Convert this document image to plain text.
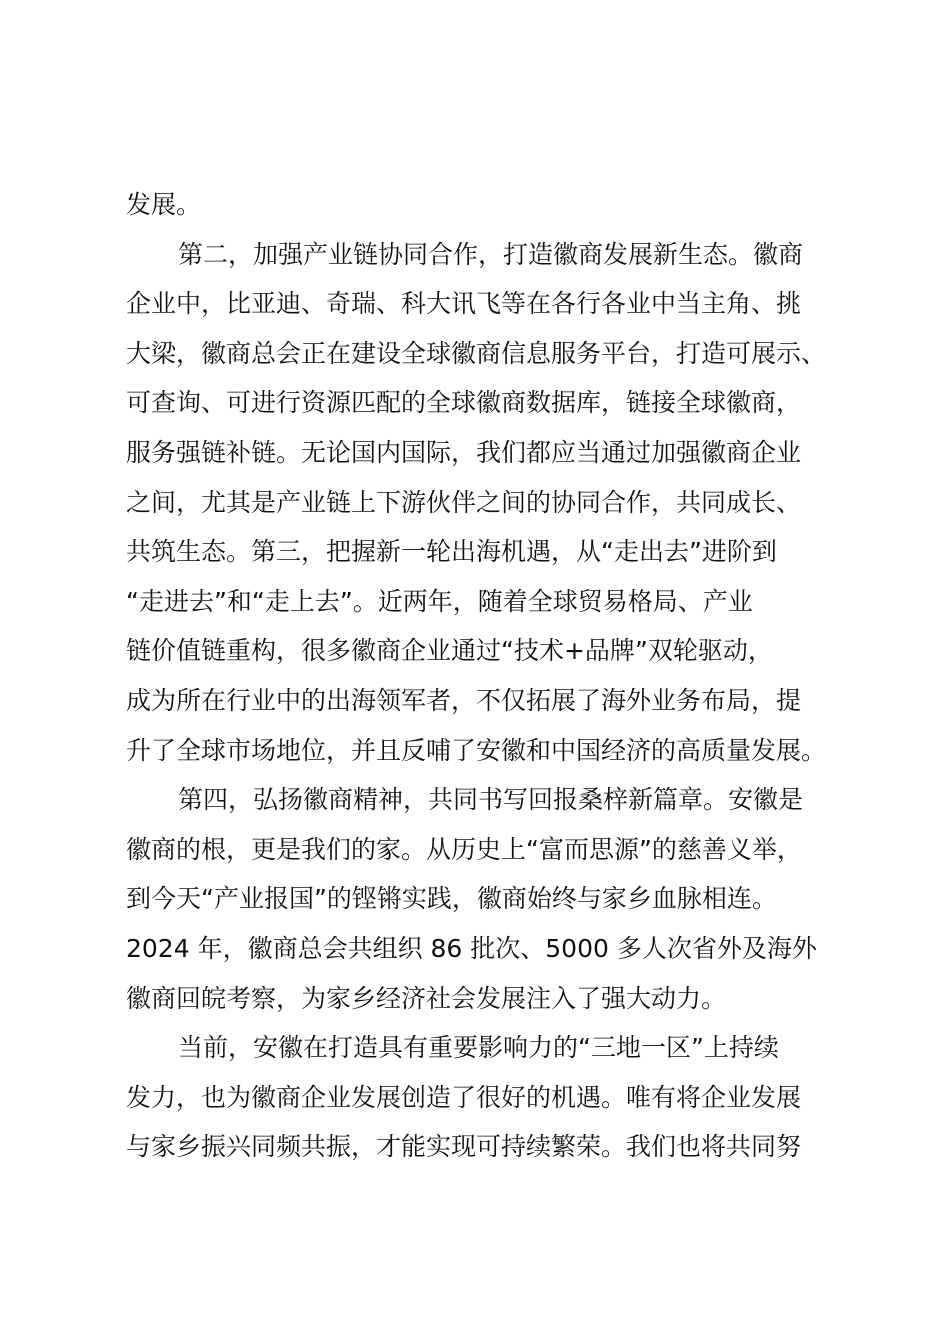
发展。
第二，加强产业链协同合作，打造徽商发展新生态。徽商
企业中，比亚迪、奇瑞、科大讯飞等在各行各业中当主角、挑
大梁，徽商总会正在建设全球徽商信息服务平台，打造可展示、
可查询、可进行资源匹配的全球徽商数据库，链接全球徽商，
服务强链补链。无论国内国际，我们都应当通过加强徽商企业
之间，尤其是产业链上下游伙伴之间的协同合作，共同成长、
共筑生态。第三，把握新一轮出海机遇，从“走出去”进阶到
“走进去”和“走上去”。近两年，随着全球贸易格局、产业
链价值链重构，很多徽商企业通过“技术+品牌”双轮驱动，
成为所在行业中的出海领军者，不仅拓展了海外业务布局，提
升了全球市场地位，并且反哺了安徽和中国经济的高质量发展。
第四，弘扬徽商精神，共同书写回报桑梓新篇章。安徽是
徽商的根，更是我们的家。从历史上“富而思源”的慈善义举，
到今天“产业报国”的铿锵实践，徽商始终与家乡血脉相连。
2024 年，徽商总会共组织 86 批次、5000 多人次省外及海外
徽商回皖考察，为家乡经济社会发展注入了强大动力。
当前，安徽在打造具有重要影响力的“三地一区”上持续
发力，也为徽商企业发展创造了很好的机遇。唯有将企业发展
与家乡振兴同频共振，才能实现可持续繁荣。我们也将共同努
